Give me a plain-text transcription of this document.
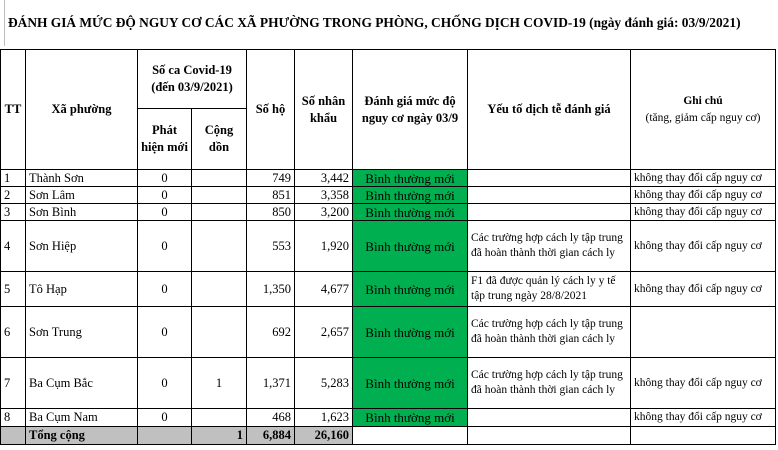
ĐÁNH GIÁ MỨC ĐỘ NGUY CƠ CÁC XÃ PHƯỜNG TRONG PHÒNG, CHỐNG DỊCH COVID-19 (ngày đánh giá: 03/9/2021)
TT	Xã phường	Số ca Covid-19 (đến 03/9/2021)		Số hộ	Số nhân khẩu	Đánh giá mức độ nguy cơ ngày 03/9	Yếu tố dịch tễ đánh giá	Ghi chú
(tăng, giảm cấp nguy cơ)
		Phát hiện mới	Cộng dồn					
1	Thành Sơn	0		749	3,442	Bình thường mới		không thay đổi cấp nguy cơ
2	Sơn Lâm	0		851	3,358	Bình thường mới		không thay đổi cấp nguy cơ
3	Sơn Bình	0		850	3,200	Bình thường mới		không thay đổi cấp nguy cơ
4	Sơn Hiệp	0		553	1,920	Bình thường mới	Các trường hợp cách ly tập trung đã hoàn thành thời gian cách ly	không thay đổi cấp nguy cơ
5	Tô Hạp	0		1,350	4,677	Bình thường mới	F1 đã được quản lý cách ly y tế tập trung ngày 28/8/2021	không thay đổi cấp nguy cơ
6	Sơn Trung	0		692	2,657	Bình thường mới	Các trường hợp cách ly tập trung đã hoàn thành thời gian cách ly	
7	Ba Cụm Bắc	0	1	1,371	5,283	Bình thường mới	Các trường hợp cách ly tập trung đã hoàn thành thời gian cách ly	không thay đổi cấp nguy cơ
8	Ba Cụm Nam	0		468	1,623	Bình thường mới		không thay đổi cấp nguy cơ
	Tổng cộng		1	6,884	26,160			
